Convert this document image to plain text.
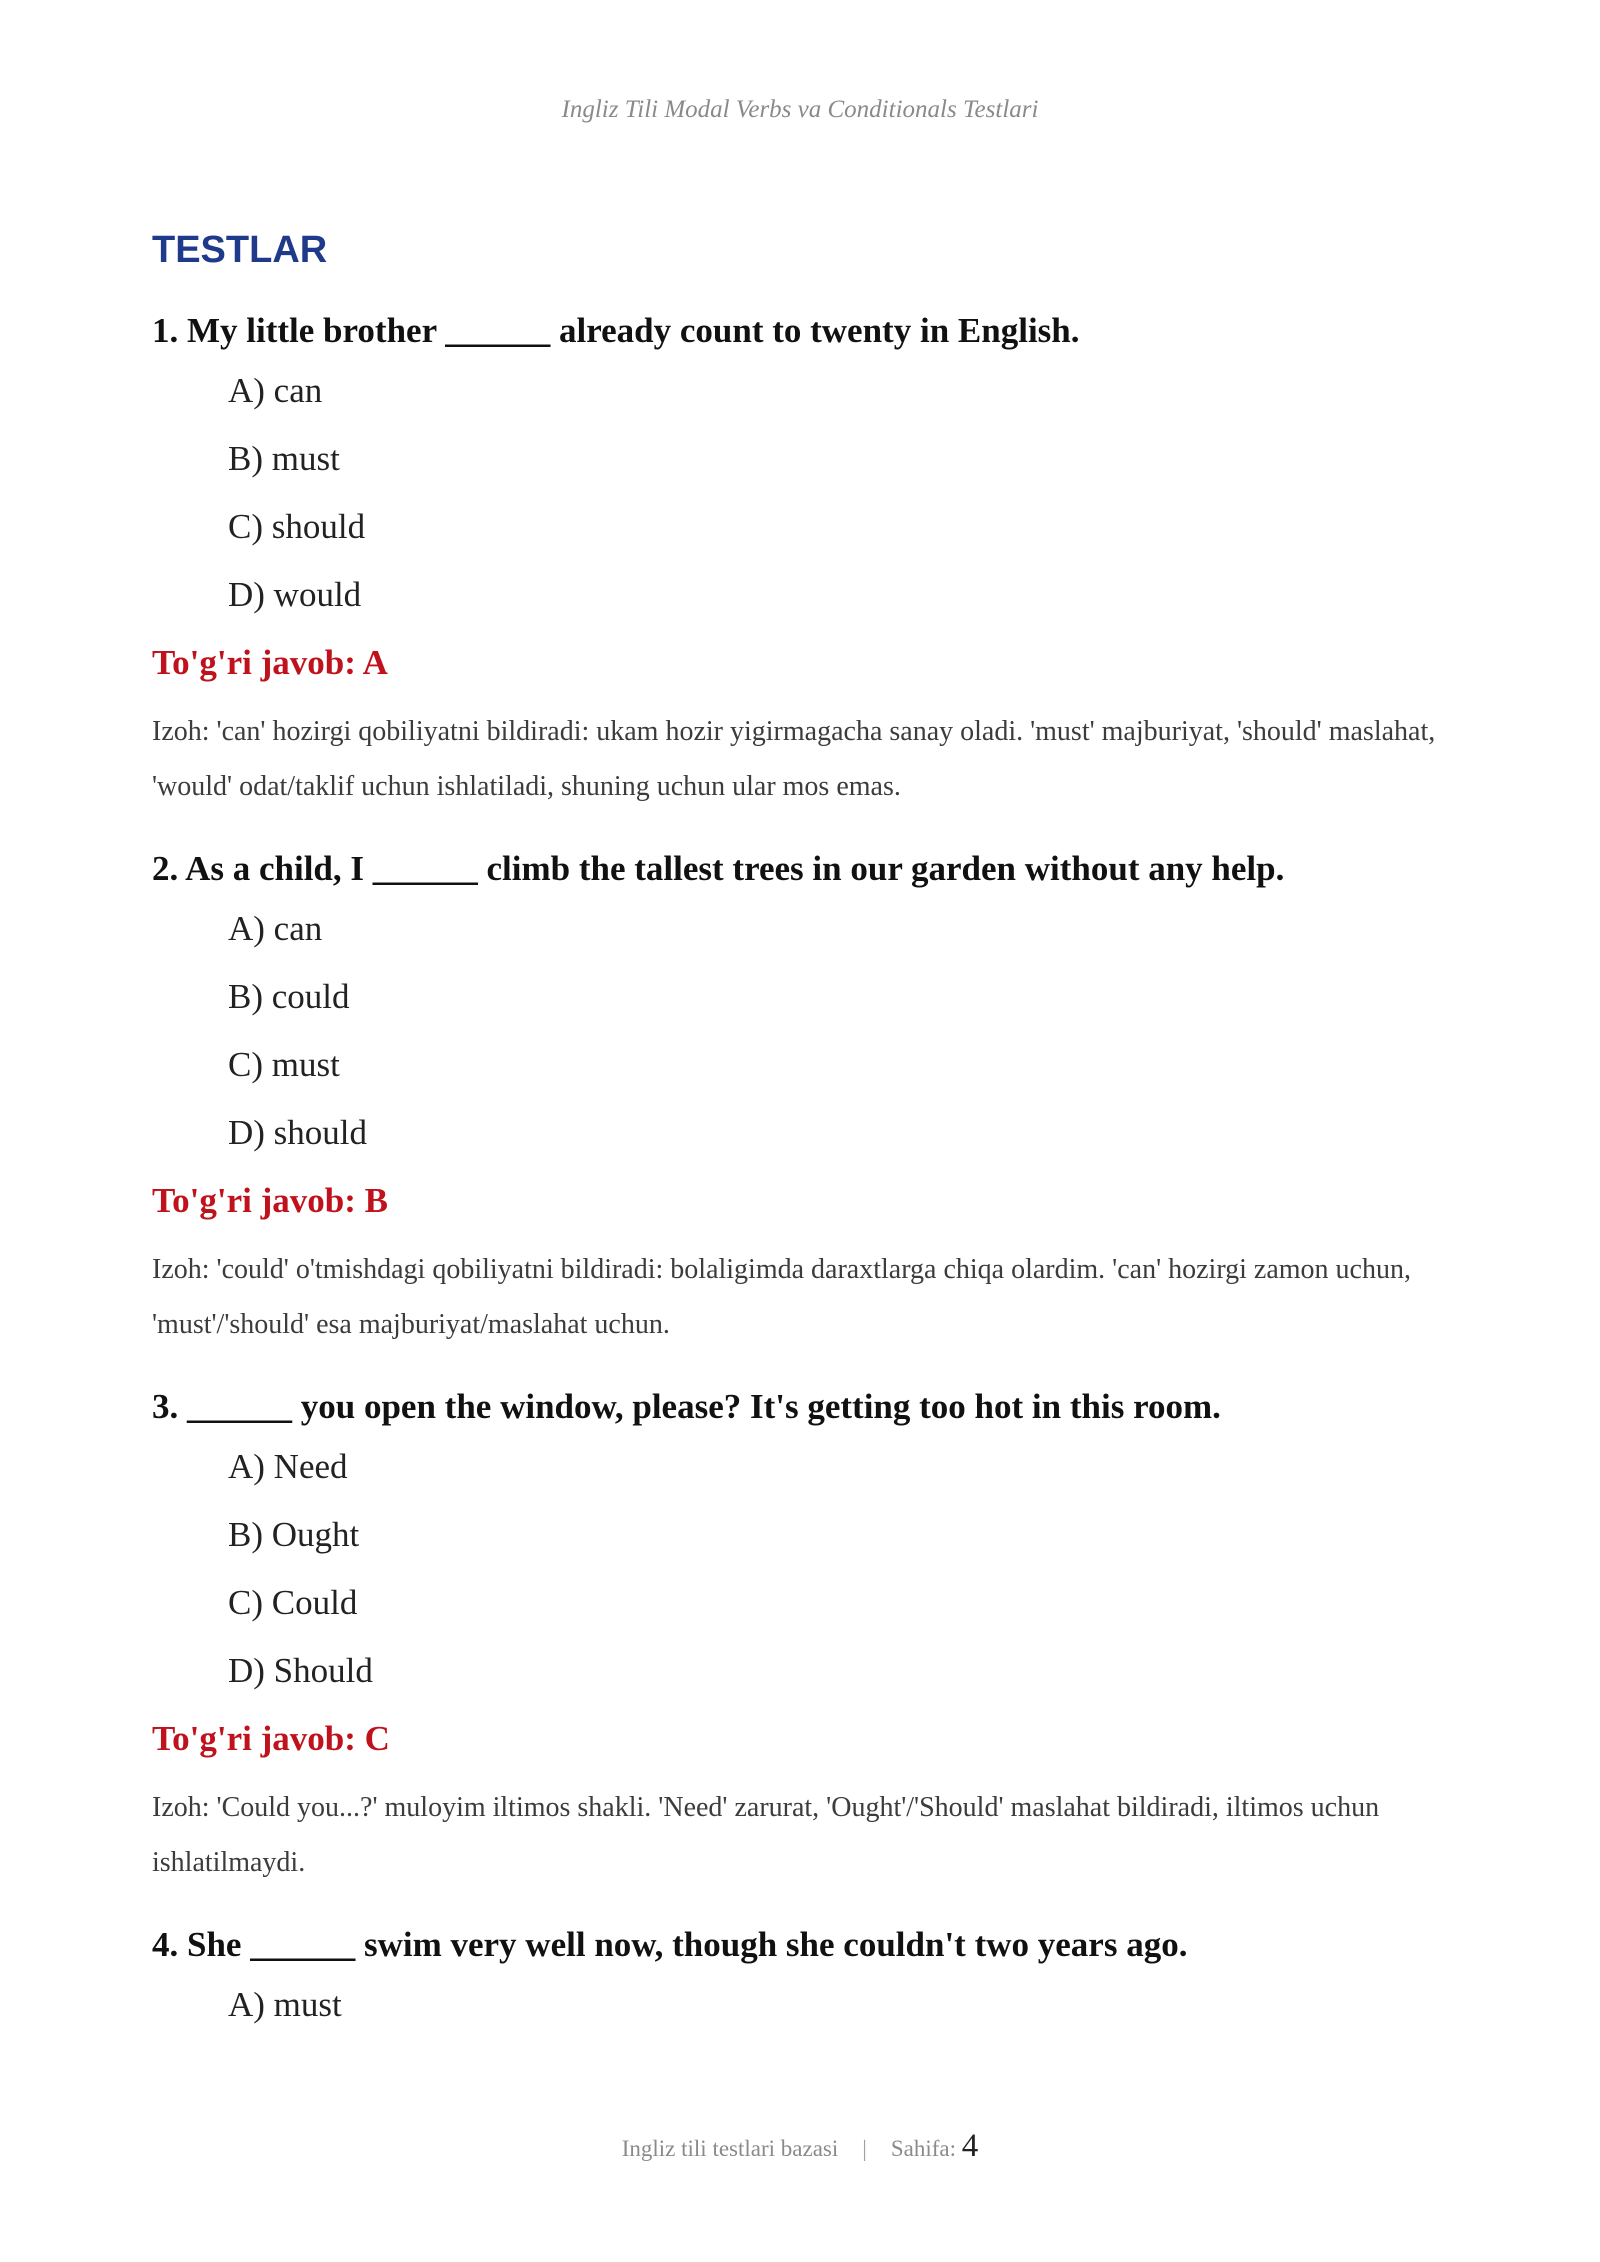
Ingliz Tili Modal Verbs va Conditionals Testlari
TESTLAR

1. My little brother ______ already count to twenty in English.

A) can
B) must
C) should
D) would

To'g'ri javob: A

Izoh: 'can' hozirgi qobiliyatni bildiradi: ukam hozir yigirmagacha sanay oladi. 'must' majburiyat, 'should' maslahat, 'would' odat/taklif uchun ishlatiladi, shuning uchun ular mos emas.

2. As a child, I ______ climb the tallest trees in our garden without any help.

A) can
B) could
C) must
D) should

To'g'ri javob: B

Izoh: 'could' o'tmishdagi qobiliyatni bildiradi: bolaligimda daraxtlarga chiqa olardim. 'can' hozirgi zamon uchun, 'must'/'should' esa majburiyat/maslahat uchun.

3. ______ you open the window, please? It's getting too hot in this room.

A) Need
B) Ought
C) Could
D) Should

To'g'ri javob: C

Izoh: 'Could you...?' muloyim iltimos shakli. 'Need' zarurat, 'Ought'/'Should' maslahat bildiradi, iltimos uchun ishlatilmaydi.

4. She ______ swim very well now, though she couldn't two years ago.

A) must
Ingliz tili testlari bazasi | Sahifa: 4
